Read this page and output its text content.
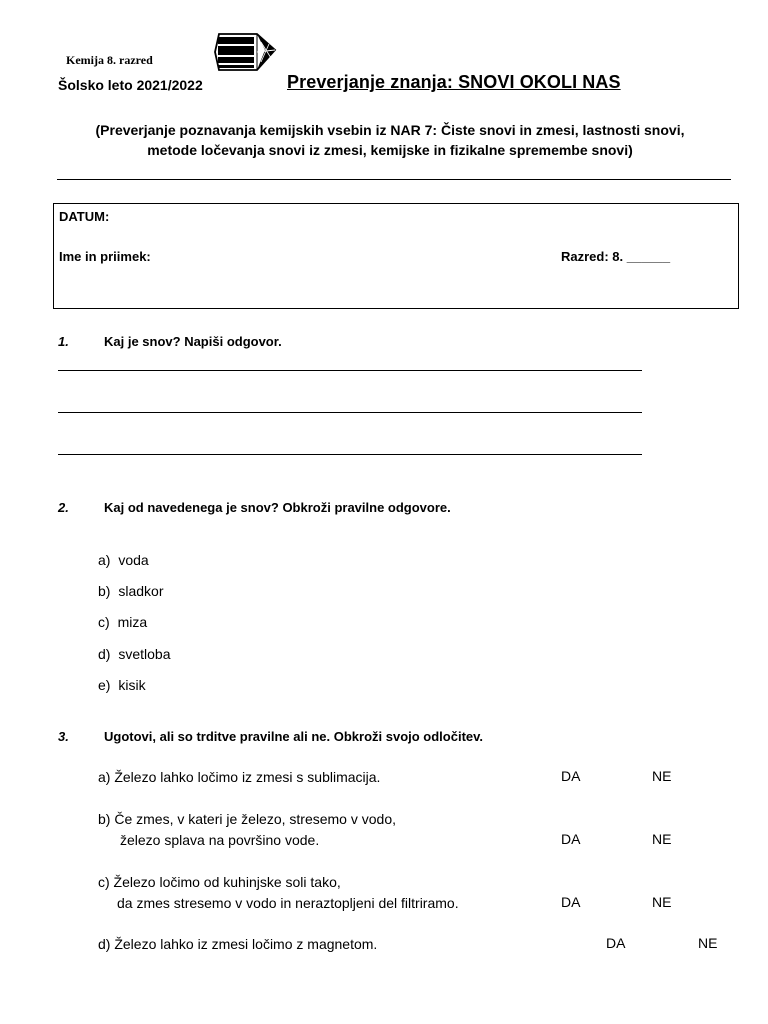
Kemija 8. razred
Šolsko leto 2021/2022	Preverjanje znanja: SNOVI OKOLI NAS
(Preverjanje poznavanja kemijskih vsebin iz NAR 7: Čiste snovi in zmesi, lastnosti snovi,
metode ločevanja snovi iz zmesi, kemijske in fizikalne spremembe snovi)
DATUM:
Ime in priimek:	Razred: 8. ______
1.	Kaj je snov? Napiši odgovor.
2.	Kaj od navedenega je snov? Obkroži pravilne odgovore.
a) voda
b) sladkor
c) miza
d) svetloba
e) kisik
3.	Ugotovi, ali so trditve pravilne ali ne. Obkroži svojo odločitev.
a) Železo lahko ločimo iz zmesi s sublimacija.	DA	NE
b) Če zmes, v kateri je železo, stresemo v vodo,
železo splava na površino vode.	DA	NE
c) Železo ločimo od kuhinjske soli tako,
da zmes stresemo v vodo in neraztopljeni del filtriramo.	DA	NE
d) Železo lahko iz zmesi ločimo z magnetom.	DA	NE
